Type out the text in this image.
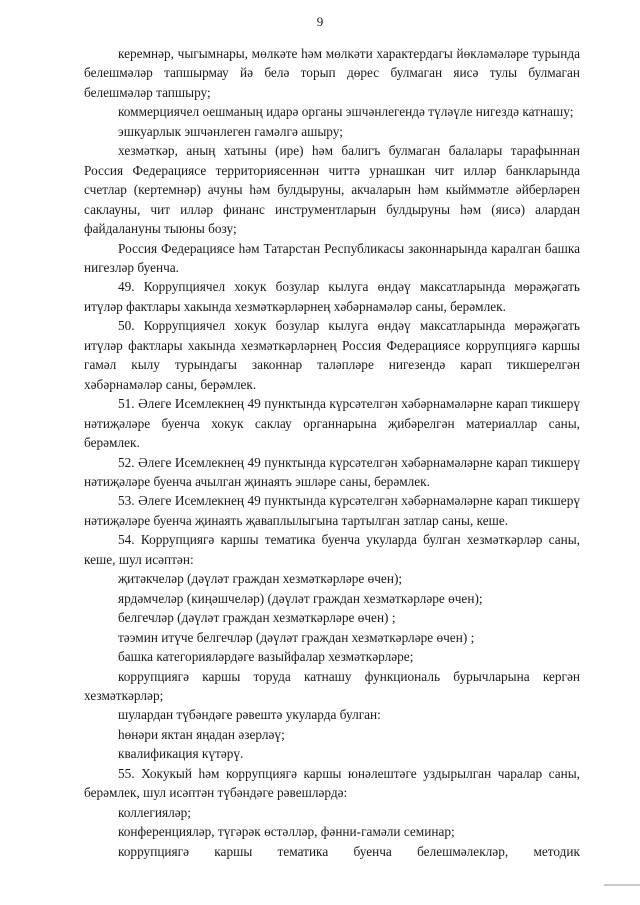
9

керемнәр, чыгымнары, мөлкәте һәм мөлкәти характердагы йөкләмәләре турында белешмәләр тапшырмау йә белә торып дөрес булмаган яисә тулы булмаган белешмәләр тапшыру;

коммерциячел оешманың идарә органы эшчәнлегендә түләүле нигездә катнашу;

эшкуарлык эшчәнлеген гамәлгә ашыру;

хезмәткәр, аның хатыны (ире) һәм балигъ булмаган балалары тарафыннан Россия Федерациясе территориясеннән читтә урнашкан чит илләр банкларында счетлар (кертемнәр) ачуны һәм булдыруны, акчаларын һәм кыйммәтле әйберләрен саклауны, чит илләр финанс инструментларын булдыруны һәм (яисә) алардан файдалануны тыюны бозу;

Россия Федерациясе һәм Татарстан Республикасы законнарында каралган башка нигезләр буенча.

49. Коррупциячел хокук бозулар кылуга өндәү максатларында мөрәҗәгать итүләр фактлары хакында хезмәткәрләрнең хәбәрнамәләр саны, берәмлек.

50. Коррупциячел хокук бозулар кылуга өндәү максатларында мөрәҗәгать итүләр фактлары хакында хезмәткәрләрнең Россия Федерациясе коррупциягә каршы гамәл кылу турындагы законнар таләпләре нигезендә карап тикшерелгән хәбәрнамәләр саны, берәмлек.

51. Әлеге Исемлекнең 49 пунктында күрсәтелгән хәбәрнамәләрне карап тикшерү нәтиҗәләре буенча хокук саклау органнарына җибәрелгән материаллар саны, берәмлек.

52. Әлеге Исемлекнең 49 пунктында күрсәтелгән хәбәрнамәләрне карап тикшерү нәтиҗәләре буенча ачылган җинаять эшләре саны, берәмлек.

53. Әлеге Исемлекнең 49 пунктында күрсәтелгән хәбәрнамәләрне карап тикшерү нәтиҗәләре буенча җинаять җаваплылыгына тартылган затлар саны, кеше.

54. Коррупциягә каршы тематика буенча укуларда булган хезмәткәрләр саны, кеше, шул исәптән:

җитәкчеләр (дәүләт граждан хезмәткәрләре өчен);

ярдәмчеләр (киңәшчеләр) (дәүләт граждан хезмәткәрләре өчен);

белгечләр (дәүләт граждан хезмәткәрләре өчен) ;

тәэмин итүче белгечләр (дәүләт граждан хезмәткәрләре өчен) ;

башка категорияләрдәге вазыйфалар хезмәткәрләре;

коррупциягә каршы торуда катнашу функциональ бурычларына кергән хезмәткәрләр;

шулардан түбәндәге рәвештә укуларда булган:

һөнәри яктан яңадан әзерләү;

квалификация күтәрү.

55. Хокукый һәм коррупциягә каршы юнәлештәге уздырылган чаралар саны, берәмлек, шул исәптән түбәндәге рәвешләрдә:

коллегияләр;

конференцияләр, түгәрәк өстәлләр, фәнни-гамәли семинар;

коррупциягә каршы тематика буенча белешмәлекләр, методик
